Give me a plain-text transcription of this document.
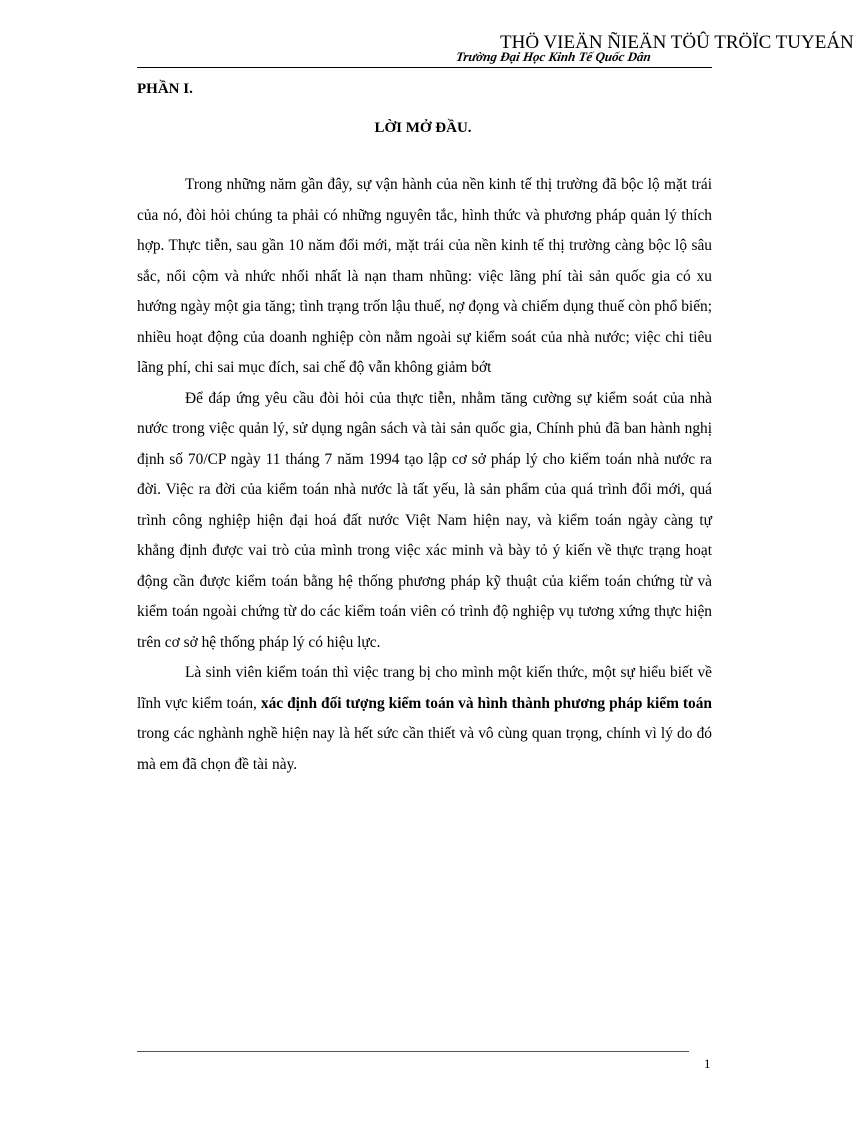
THÖ VIEÄN ÑIEÄN TÖÛ TRÖÏC TUYEÁN
Trường Đại Học Kinh Tế Quốc Dân
PHẦN I.
LỜI MỞ ĐẦU.

Trong những năm gần đây, sự vận hành của nền kinh tế thị trường đã bộc lộ mặt trái của nó, đòi hỏi chúng ta phải có những nguyên tắc, hình thức và phương pháp quản lý thích hợp. Thực tiễn, sau gần 10 năm đổi mới, mặt trái của nền kinh tế thị trường càng bộc lộ sâu sắc, nổi cộm và nhức nhối nhất là nạn tham nhũng: việc lãng phí tài sản quốc gia có xu hướng ngày một gia tăng; tình trạng trốn lậu thuế, nợ đọng và chiếm dụng thuế còn phổ biến; nhiều hoạt động của doanh nghiệp còn nằm ngoài sự kiểm soát của nhà nước; việc chi tiêu lãng phí, chi sai mục đích, sai chế độ vẫn không giảm bớt

Để đáp ứng yêu cầu đòi hỏi của thực tiễn, nhằm tăng cường sự kiểm soát của nhà nước trong việc quản lý, sử dụng ngân sách và tài sản quốc gia, Chính phủ đã ban hành nghị định số 70/CP ngày 11 tháng 7 năm 1994 tạo lập cơ sở pháp lý cho kiểm toán nhà nước ra đời. Việc ra đời của kiểm toán nhà nước là tất yếu, là sản phẩm của quá trình đổi mới, quá trình công nghiệp hiện đại hoá đất nước Việt Nam hiện nay, và kiểm toán ngày càng tự khẳng định được vai trò của mình trong việc xác minh và bày tỏ ý kiến về thực trạng hoạt động cần được kiểm toán bằng hệ thống phương pháp kỹ thuật của kiểm toán chứng từ và kiểm toán ngoài chứng từ do các kiểm toán viên có trình độ nghiệp vụ tương xứng thực hiện trên cơ sở hệ thống pháp lý có hiệu lực.

Là sinh viên kiểm toán thì việc trang bị cho mình một kiến thức, một sự hiểu biết về lĩnh vực kiểm toán, xác định đối tượng kiểm toán và hình thành phương pháp kiểm toán trong các nghành nghề hiện nay là hết sức cần thiết và vô cùng quan trọng, chính vì lý do đó mà em đã chọn đề tài này.

1
